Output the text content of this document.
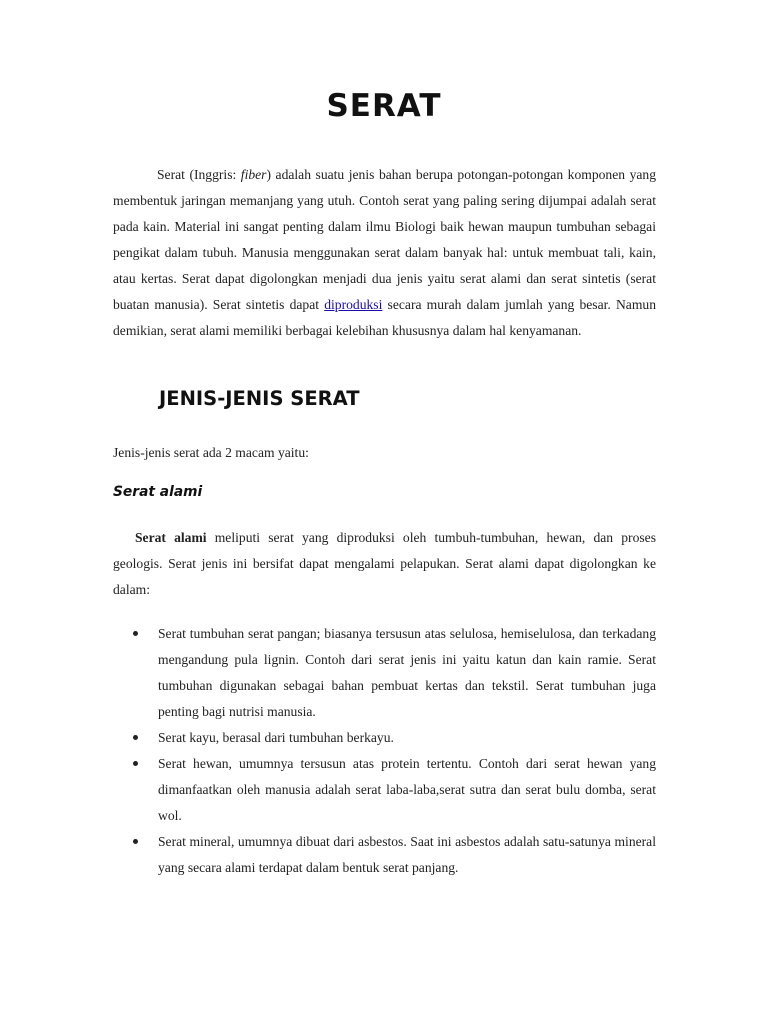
SERAT

Serat (Inggris: fiber) adalah suatu jenis bahan berupa potongan-potongan komponen yang membentuk jaringan memanjang yang utuh. Contoh serat yang paling sering dijumpai adalah serat pada kain. Material ini sangat penting dalam ilmu Biologi baik hewan maupun tumbuhan sebagai pengikat dalam tubuh. Manusia menggunakan serat dalam banyak hal: untuk membuat tali, kain, atau kertas. Serat dapat digolongkan menjadi dua jenis yaitu serat alami dan serat sintetis (serat buatan manusia). Serat sintetis dapat diproduksi secara murah dalam jumlah yang besar. Namun demikian, serat alami memiliki berbagai kelebihan khususnya dalam hal kenyamanan.

JENIS-JENIS SERAT

Jenis-jenis serat ada 2 macam yaitu:

Serat alami

Serat alami meliputi serat yang diproduksi oleh tumbuh-tumbuhan, hewan, dan proses geologis. Serat jenis ini bersifat dapat mengalami pelapukan. Serat alami dapat digolongkan ke dalam:

Serat tumbuhan serat pangan; biasanya tersusun atas selulosa, hemiselulosa, dan terkadang mengandung pula lignin. Contoh dari serat jenis ini yaitu katun dan kain ramie. Serat tumbuhan digunakan sebagai bahan pembuat kertas dan tekstil. Serat tumbuhan juga penting bagi nutrisi manusia.
Serat kayu, berasal dari tumbuhan berkayu.
Serat hewan, umumnya tersusun atas protein tertentu. Contoh dari serat hewan yang dimanfaatkan oleh manusia adalah serat laba-laba,serat sutra dan serat bulu domba, serat wol.
Serat mineral, umumnya dibuat dari asbestos. Saat ini asbestos adalah satu-satunya mineral yang secara alami terdapat dalam bentuk serat panjang.
